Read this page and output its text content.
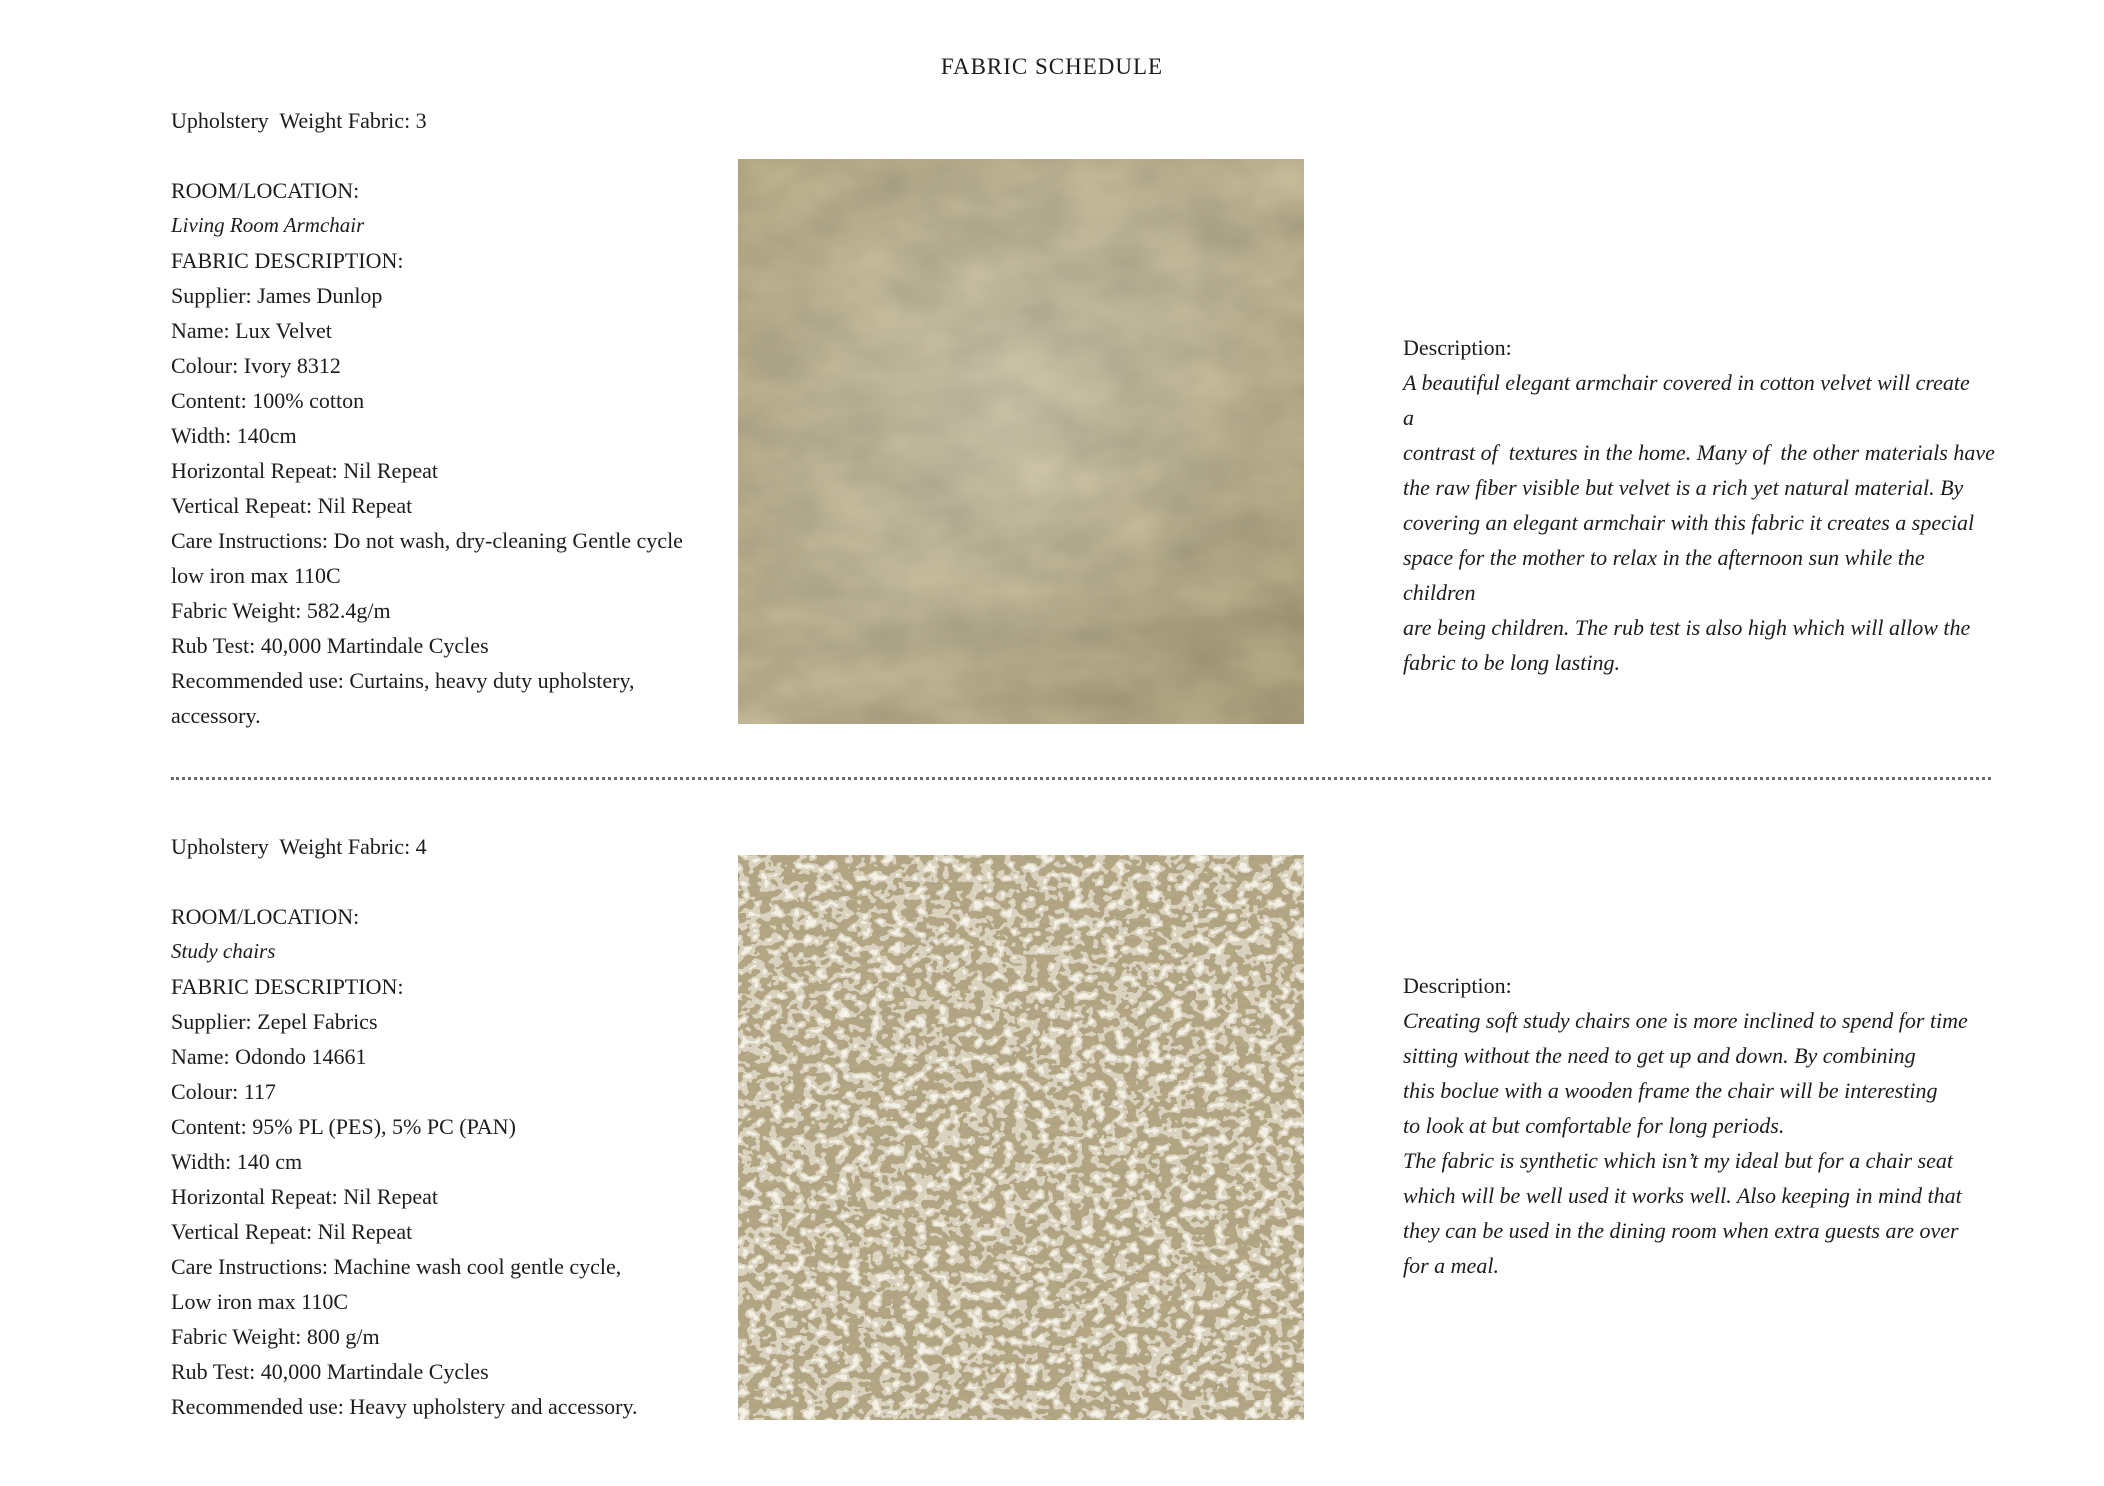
FABRIC SCHEDULE
Upholstery  Weight Fabric: 3
ROOM/LOCATION:
Living Room Armchair
FABRIC DESCRIPTION:
Supplier: James Dunlop
Name: Lux Velvet
Colour: Ivory 8312
Content: 100% cotton
Width: 140cm
Horizontal Repeat: Nil Repeat
Vertical Repeat: Nil Repeat
Care Instructions: Do not wash, dry-cleaning Gentle cycle
low iron max 110C
Fabric Weight: 582.4g/m
Rub Test: 40,000 Martindale Cycles
Recommended use: Curtains, heavy duty upholstery,
accessory.
Description:
A beautiful elegant armchair covered in cotton velvet will create a
contrast of  textures in the home. Many of  the other materials have
the raw fiber visible but velvet is a rich yet natural material. By
covering an elegant armchair with this fabric it creates a special
space for the mother to relax in the afternoon sun while the children
are being children. The rub test is also high which will allow the
fabric to be long lasting.
Upholstery  Weight Fabric: 4
ROOM/LOCATION:
Study chairs
FABRIC DESCRIPTION:
Supplier: Zepel Fabrics
Name: Odondo 14661
Colour: 117
Content: 95% PL (PES), 5% PC (PAN)
Width: 140 cm
Horizontal Repeat: Nil Repeat
Vertical Repeat: Nil Repeat
Care Instructions: Machine wash cool gentle cycle,
Low iron max 110C
Fabric Weight: 800 g/m
Rub Test: 40,000 Martindale Cycles
Recommended use: Heavy upholstery and accessory.
Description:
Creating soft study chairs one is more inclined to spend for time
sitting without the need to get up and down. By combining
this boclue with a wooden frame the chair will be interesting
to look at but comfortable for long periods.
The fabric is synthetic which isn’t my ideal but for a chair seat
which will be well used it works well. Also keeping in mind that
they can be used in the dining room when extra guests are over
for a meal.
